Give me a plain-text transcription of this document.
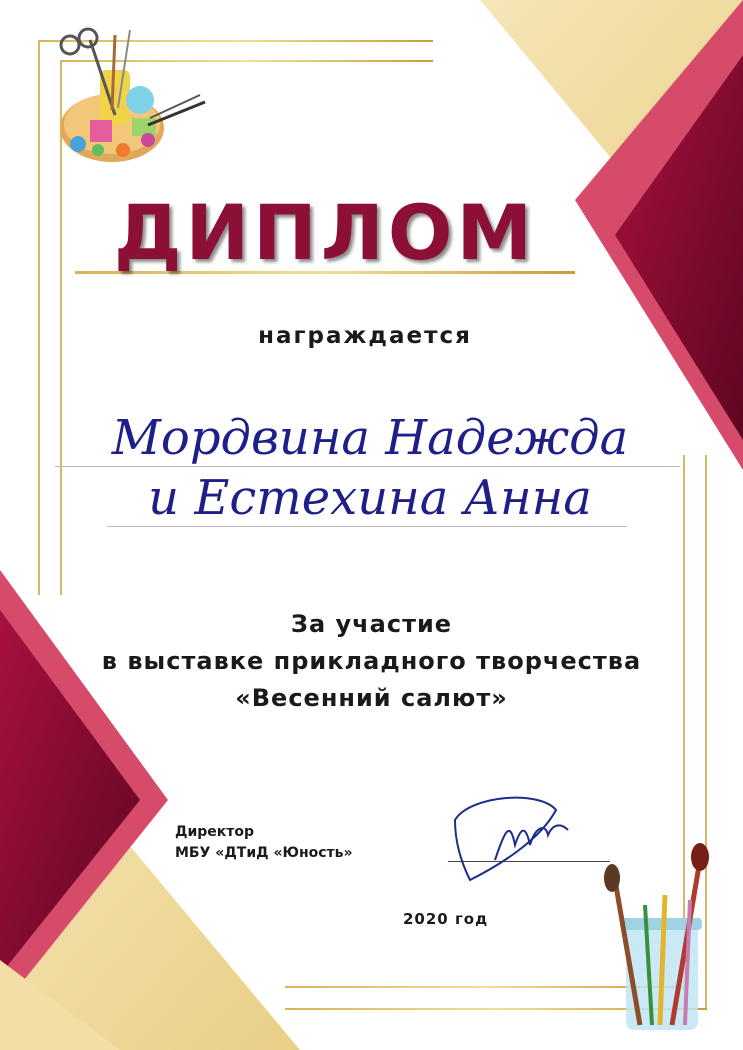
ДИПЛОМ
награждается
Мордвина Надежда
и Естехина Анна
За участие
в выставке прикладного творчества
«Весенний салют»
Директор
МБУ «ДТиД «Юность»
2020 год
